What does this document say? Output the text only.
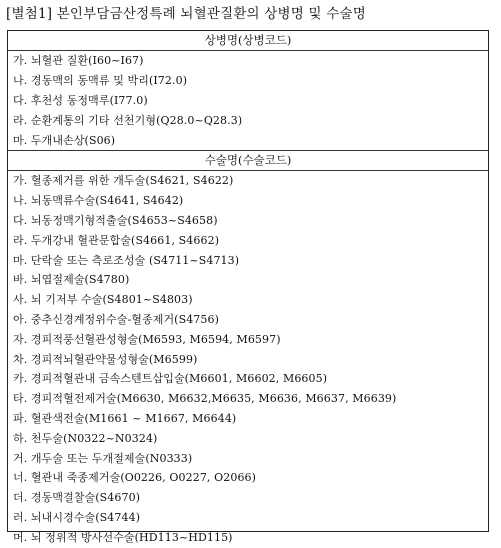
[별첨1] 본인부담금산정특례 뇌혈관질환의 상병명 및 수술명
상병명(상병코드)
가. 뇌혈관 질환(I60~I67)
나. 경동맥의 동맥류 및 박리(I72.0)
다. 후천성 동정맥루(I77.0)
라. 순환계통의 기타 선천기형(Q28.0~Q28.3)
마. 두개내손상(S06)
수술명(수술코드)
가. 혈종제거를 위한 개두술(S4621, S4622)
나. 뇌동맥류수술(S4641, S4642)
다. 뇌동정맥기형적출술(S4653~S4658)
라. 두개강내 혈관문합술(S4661, S4662)
마. 단락술 또는 측로조성술 (S4711~S4713)
바. 뇌엽절제술(S4780)
사. 뇌 기저부 수술(S4801~S4803)
아. 중추신경계정위수술-혈종제거(S4756)
자. 경피적풍선혈관성형술(M6593, M6594, M6597)
차. 경피적뇌혈관약물성형술(M6599)
카. 경피적혈관내 금속스텐트삽입술(M6601, M6602, M6605)
타. 경피적혈전제거술(M6630, M6632,M6635, M6636, M6637, M6639)
파. 혈관색전술(M1661 ~ M1667, M6644)
하. 천두술(N0322~N0324)
거. 개두술 또는 두개절제술(N0333)
너. 혈관내 죽종제거술(O0226, O0227, O2066)
더. 경동맥결찰술(S4670)
러. 뇌내시경수술(S4744)
머. 뇌 정위적 방사선수술(HD113~HD115)
